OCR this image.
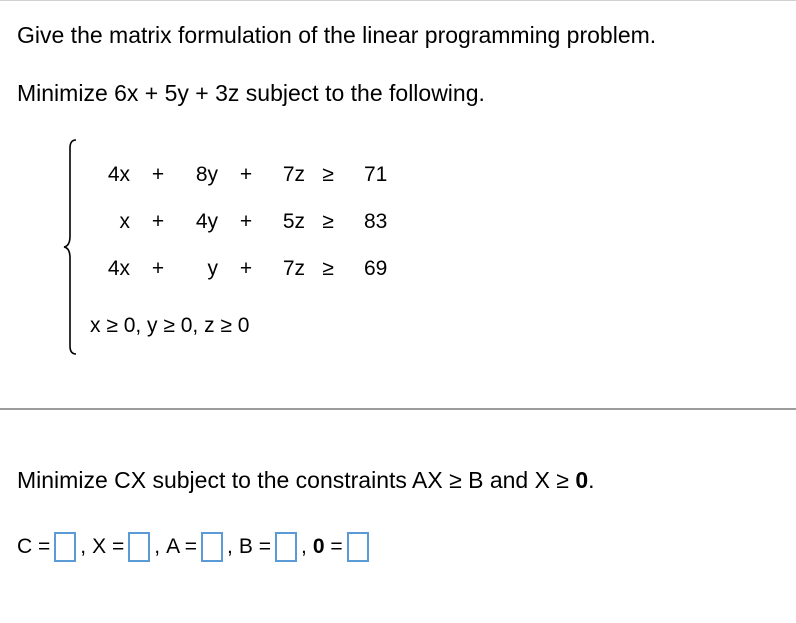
Give the matrix formulation of the linear programming problem.
Minimize 6x + 5y + 3z subject to the following.
4x +	8y +	7z ≥ 71
x +	4y +	5z ≥ 83
4x +	y +	7z ≥ 69
x ≥ 0, y ≥ 0, z ≥ 0
Minimize CX subject to the constraints AX ≥ B and X ≥ 0.
C = , X = , A = , B = , 0 =
